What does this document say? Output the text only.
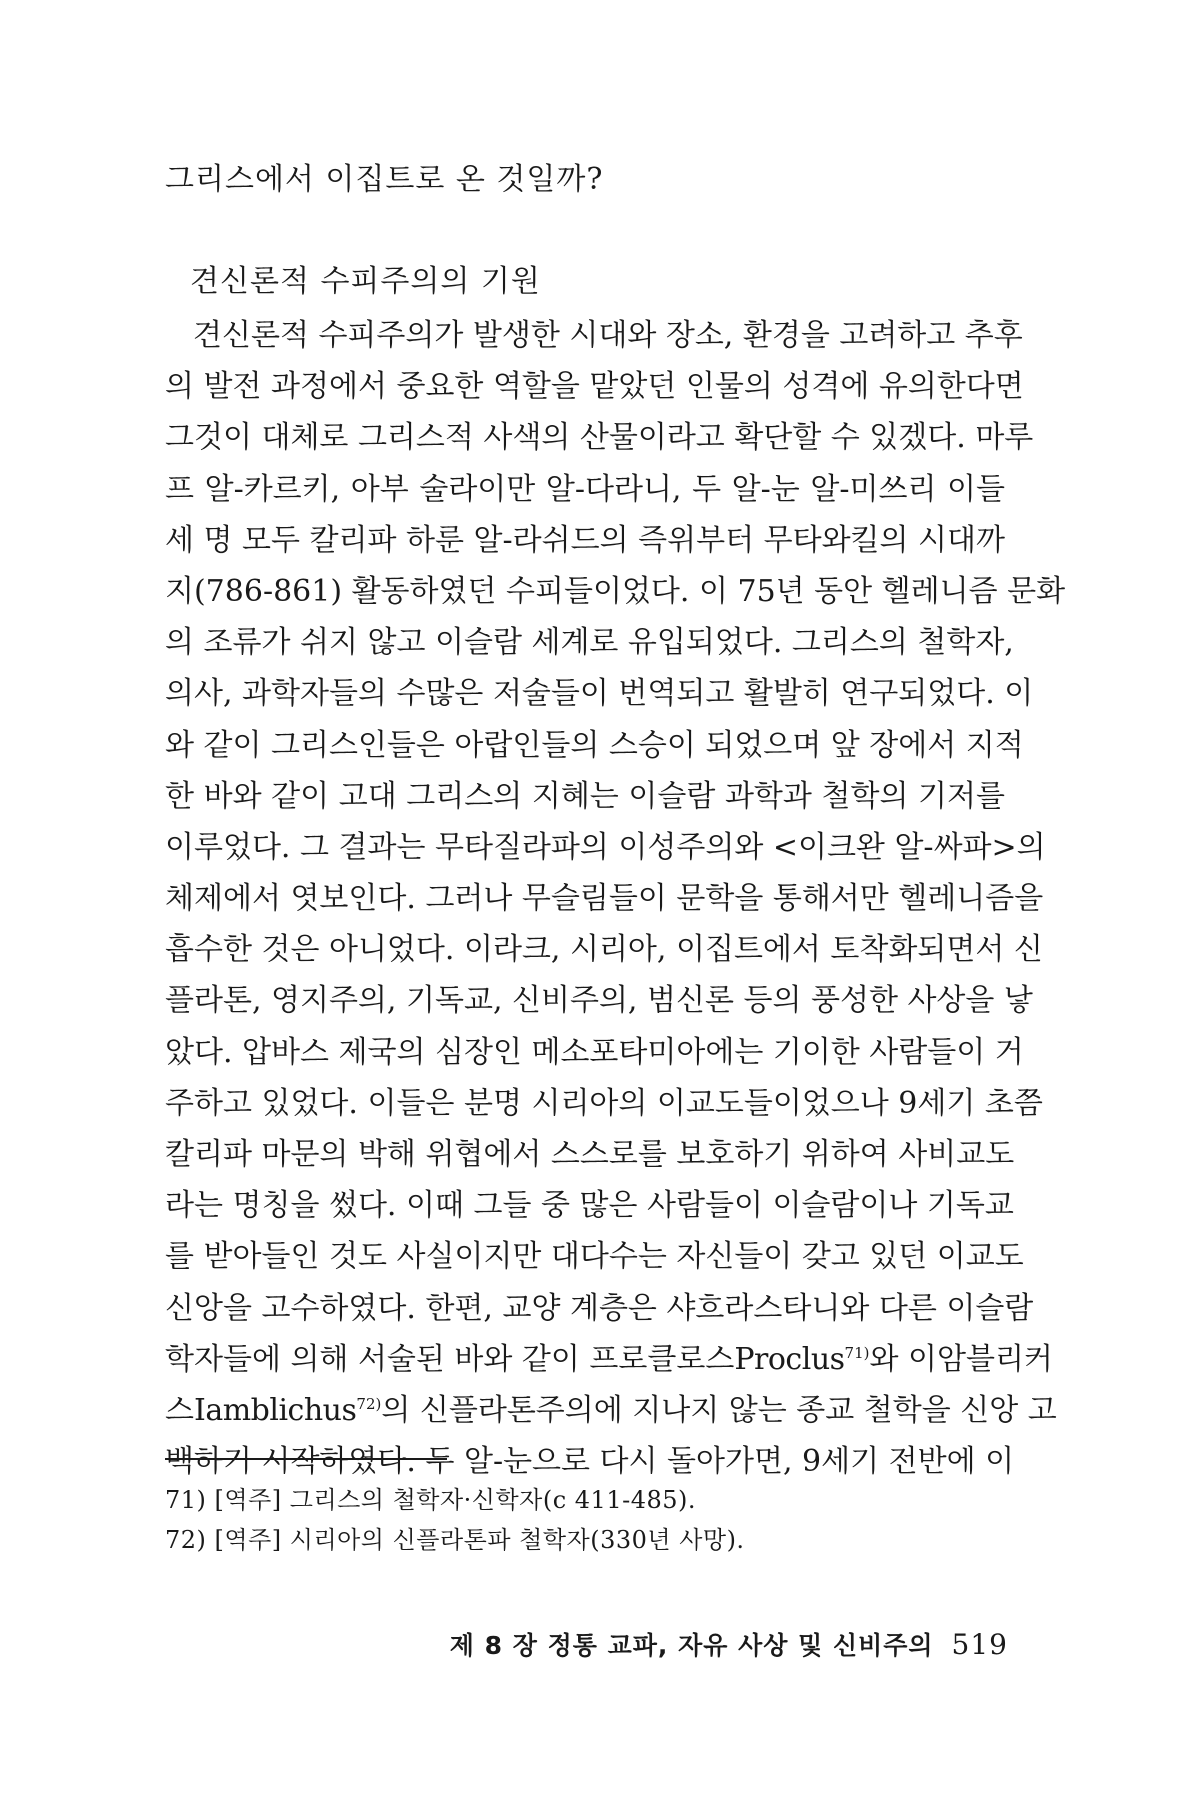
그리스에서 이집트로 온 것일까?
견신론적 수피주의의 기원
견신론적 수피주의가 발생한 시대와 장소, 환경을 고려하고 추후
의 발전 과정에서 중요한 역할을 맡았던 인물의 성격에 유의한다면
그것이 대체로 그리스적 사색의 산물이라고 확단할 수 있겠다. 마루
프 알-카르키, 아부 술라이만 알-다라니, 두 알-눈 알-미쓰리 이들
세 명 모두 칼리파 하룬 알-라쉬드의 즉위부터 무타와킬의 시대까
지(786-861) 활동하였던 수피들이었다. 이 75년 동안 헬레니즘 문화
의 조류가 쉬지 않고 이슬람 세계로 유입되었다. 그리스의 철학자,
의사, 과학자들의 수많은 저술들이 번역되고 활발히 연구되었다. 이
와 같이 그리스인들은 아랍인들의 스승이 되었으며 앞 장에서 지적
한 바와 같이 고대 그리스의 지혜는 이슬람 과학과 철학의 기저를
이루었다. 그 결과는 무타질라파의 이성주의와 <이크완 알-싸파>의
체제에서 엿보인다. 그러나 무슬림들이 문학을 통해서만 헬레니즘을
흡수한 것은 아니었다. 이라크, 시리아, 이집트에서 토착화되면서 신
플라톤, 영지주의, 기독교, 신비주의, 범신론 등의 풍성한 사상을 낳
았다. 압바스 제국의 심장인 메소포타미아에는 기이한 사람들이 거
주하고 있었다. 이들은 분명 시리아의 이교도들이었으나 9세기 초쯤
칼리파 마문의 박해 위협에서 스스로를 보호하기 위하여 사비교도
라는 명칭을 썼다. 이때 그들 중 많은 사람들이 이슬람이나 기독교
를 받아들인 것도 사실이지만 대다수는 자신들이 갖고 있던 이교도
신앙을 고수하였다. 한편, 교양 계층은 샤흐라스타니와 다른 이슬람
학자들에 의해 서술된 바와 같이 프로클로스Proclus$^{71)}$와 이암블리커
스Iamblichus$^{72)}$의 신플라톤주의에 지나지 않는 종교 철학을 신앙 고
백하기 시작하였다. 두 알-눈으로 다시 돌아가면, 9세기 전반에 이
71) [역주] 그리스의 철학자·신학자(c 411-485).
72) [역주] 시리아의 신플라톤파 철학자(330년 사망).
제 8 장 정통 교파, 자유 사상 및 신비주의 519
